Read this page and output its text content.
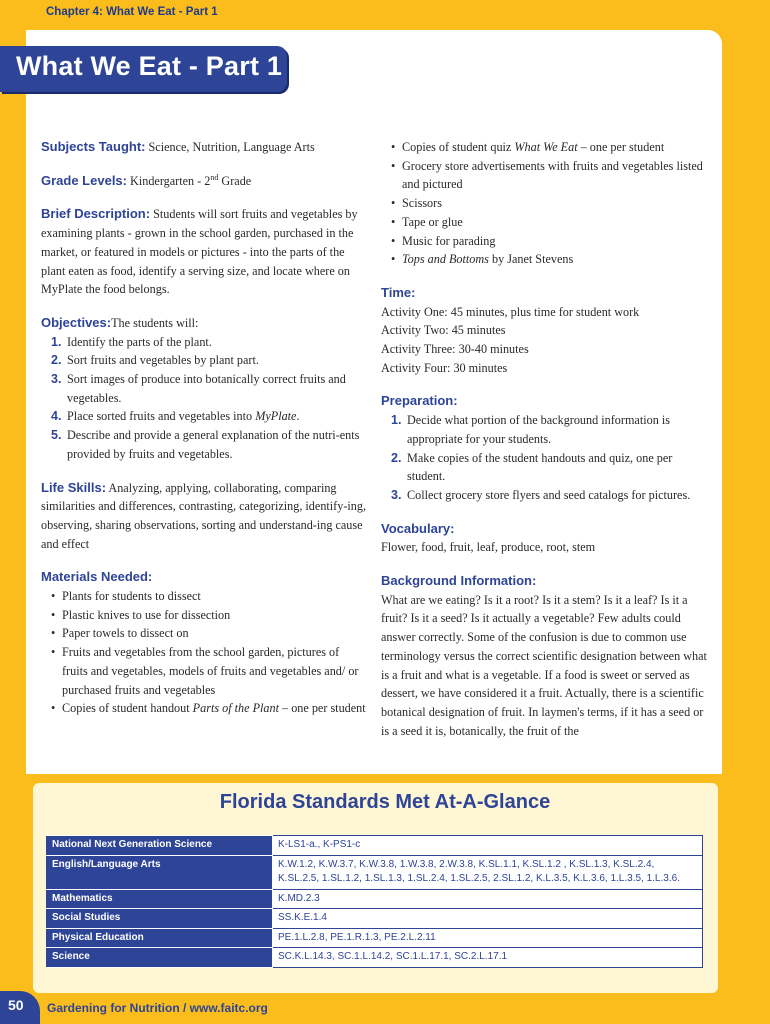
Chapter 4: What We Eat - Part 1
What We Eat - Part 1

Subjects Taught: Science, Nutrition, Language Arts

Grade Levels: Kindergarten - 2nd Grade

Brief Description: Students will sort fruits and vegetables by examining plants - grown in the school garden, purchased in the market, or featured in models or pictures - into the parts of the plant eaten as food, identify a serving size, and locate where on MyPlate the food belongs.

Objectives:The students will:

1. Identify the parts of the plant.
2. Sort fruits and vegetables by plant part.
3. Sort images of produce into botanically correct fruits and vegetables.
4. Place sorted fruits and vegetables into MyPlate.
5. Describe and provide a general explanation of the nutri-ents provided by fruits and vegetables.

Life Skills: Analyzing, applying, collaborating, comparing similarities and differences, contrasting, categorizing, identify-ing, observing, sharing observations, sorting and understand-ing cause and effect

Materials Needed:

• Plants for students to dissect
• Plastic knives to use for dissection
• Paper towels to dissect on
• Fruits and vegetables from the school garden, pictures of fruits and vegetables, models of fruits and vegetables and/ or purchased fruits and vegetables
• Copies of student handout Parts of the Plant – one per student
• Copies of student quiz What We Eat – one per student
• Grocery store advertisements with fruits and vegetables listed and pictured
• Scissors
• Tape or glue
• Music for parading
• Tops and Bottoms by Janet Stevens

Time:

Activity One: 45 minutes, plus time for student work
Activity Two: 45 minutes
Activity Three: 30-40 minutes
Activity Four: 30 minutes

Preparation:

1. Decide what portion of the background information is appropriate for your students.
2. Make copies of the student handouts and quiz, one per student.
3. Collect grocery store flyers and seed catalogs for pictures.

Vocabulary:

Flower, food, fruit, leaf, produce, root, stem

Background Information:

What are we eating? Is it a root? Is it a stem? Is it a leaf? Is it a fruit? Is it a seed? Is it actually a vegetable? Few adults could answer correctly. Some of the confusion is due to common use terminology versus the correct scientific designation between what is a fruit and what is a vegetable. If a food is sweet or served as dessert, we have considered it a fruit. Actually, there is a scientific botanical designation of fruit. In laymen's terms, if it has a seed or is a seed it is, botanically, the fruit of the
Florida Standards Met At-A-Glance
National Next Generation Science	K-LS1-a., K-PS1-c
English/Language Arts	K.W.1.2, K.W.3.7, K.W.3.8, 1.W.3.8, 2.W.3.8, K.SL.1.1, K.SL.1.2 , K.SL.1.3, K.SL.2.4, K.SL.2.5, 1.SL.1.2, 1.SL.1.3, 1.SL.2.4, 1.SL.2.5, 2.SL.1.2, K.L.3.5, K.L.3.6, 1.L.3.5, 1.L.3.6.
Mathematics	K.MD.2.3
Social Studies	SS.K.E.1.4
Physical Education	PE.1.L.2.8, PE.1.R.1.3, PE.2.L.2.11
Science	SC.K.L.14.3, SC.1.L.14.2, SC.1.L.17.1, SC.2.L.17.1
50 Gardening for Nutrition / www.faitc.org
